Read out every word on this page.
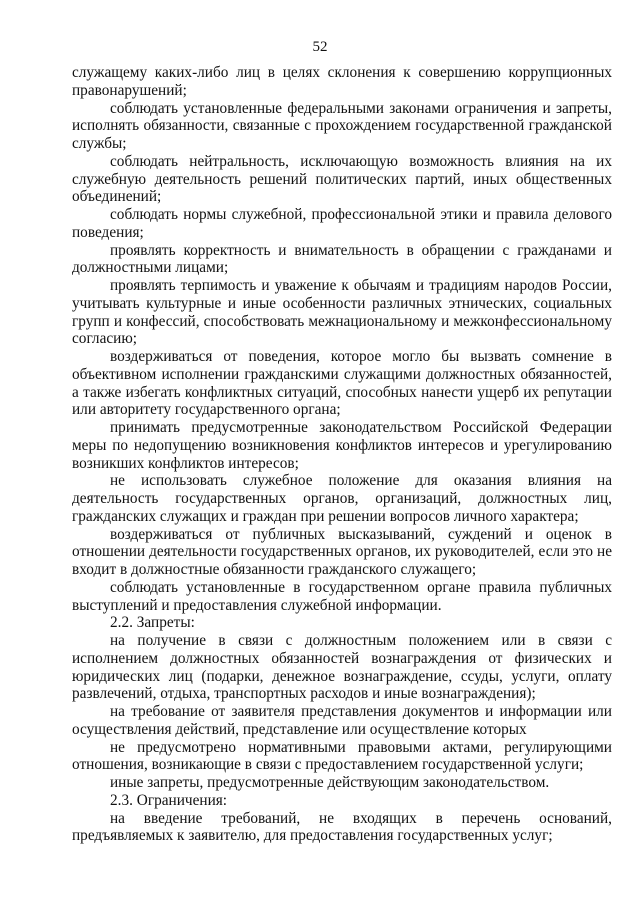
52

служащему каких-либо лиц в целях склонения к совершению коррупционных правонарушений;

соблюдать установленные федеральными законами ограничения и запреты, исполнять обязанности, связанные с прохождением государственной гражданской службы;

соблюдать нейтральность, исключающую возможность влияния на их служебную деятельность решений политических партий, иных общественных объединений;

соблюдать нормы служебной, профессиональной этики и правила делового поведения;

проявлять корректность и внимательность в обращении с гражданами и должностными лицами;

проявлять терпимость и уважение к обычаям и традициям народов России, учитывать культурные и иные особенности различных этнических, социальных групп и конфессий, способствовать межнациональному и межконфессиональному согласию;

воздерживаться от поведения, которое могло бы вызвать сомнение в объективном исполнении гражданскими служащими должностных обязанностей, а также избегать конфликтных ситуаций, способных нанести ущерб их репутации или авторитету государственного органа;

принимать предусмотренные законодательством Российской Федерации меры по недопущению возникновения конфликтов интересов и урегулированию возникших конфликтов интересов;

не использовать служебное положение для оказания влияния на деятельность государственных органов, организаций, должностных лиц, гражданских служащих и граждан при решении вопросов личного характера;

воздерживаться от публичных высказываний, суждений и оценок в отношении деятельности государственных органов, их руководителей, если это не входит в должностные обязанности гражданского служащего;

соблюдать установленные в государственном органе правила публичных выступлений и предоставления служебной информации.

2.2. Запреты:

на получение в связи с должностным положением или в связи с исполнением должностных обязанностей вознаграждения от физических и юридических лиц (подарки, денежное вознаграждение, ссуды, услуги, оплату развлечений, отдыха, транспортных расходов и иные вознаграждения);

на требование от заявителя представления документов и информации или осуществления действий, представление или осуществление которых

не предусмотрено нормативными правовыми актами, регулирующими отношения, возникающие в связи с предоставлением государственной услуги;

иные запреты, предусмотренные действующим законодательством.

2.3. Ограничения:

на введение требований, не входящих в перечень оснований, предъявляемых к заявителю, для предоставления государственных услуг;
